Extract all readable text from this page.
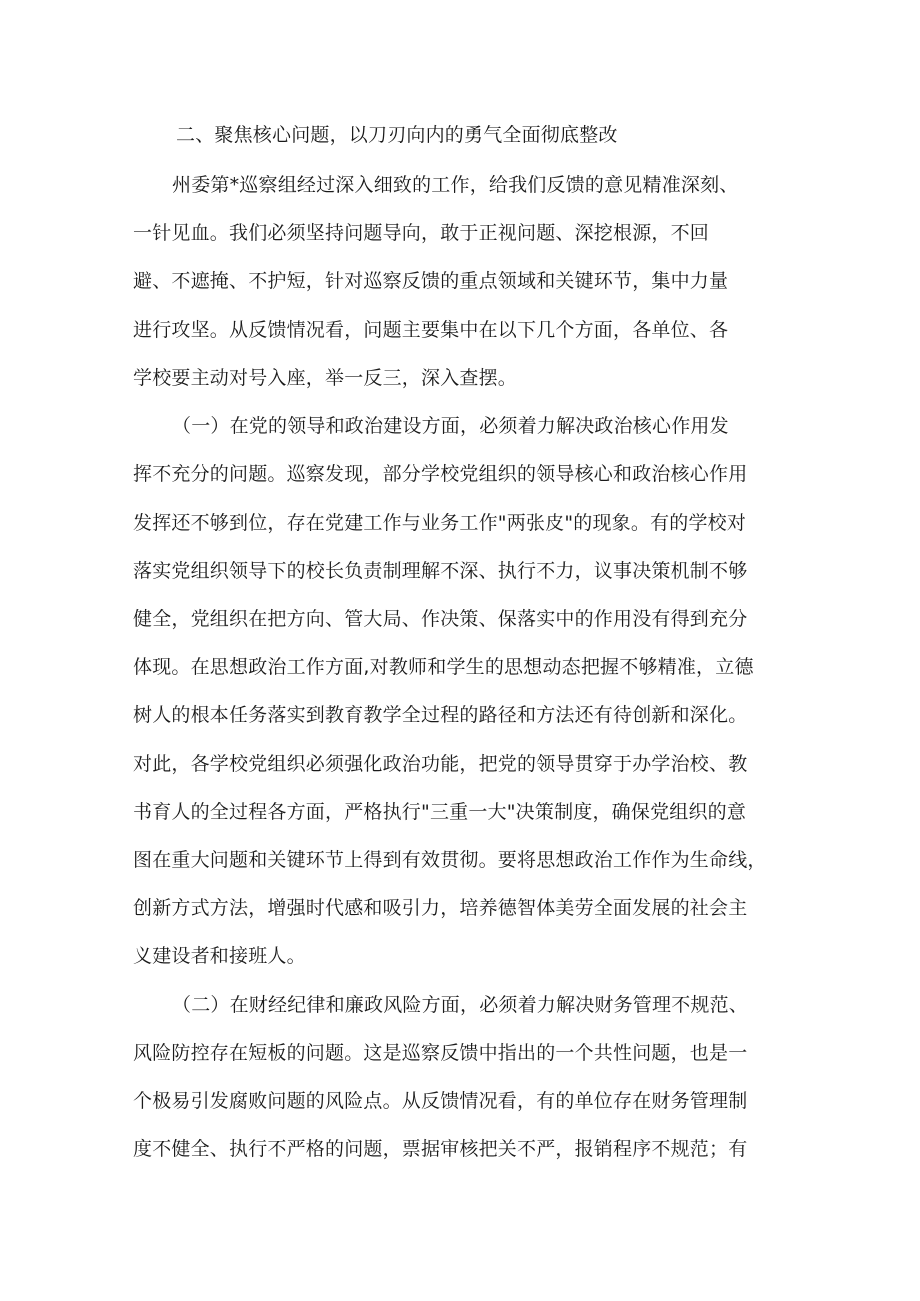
二、聚焦核心问题，以刀刃向内的勇气全面彻底整改
州委第*巡察组经过深入细致的工作，给我们反馈的意见精准深刻、
一针见血。我们必须坚持问题导向，敢于正视问题、深挖根源，不回
避、不遮掩、不护短，针对巡察反馈的重点领域和关键环节，集中力量
进行攻坚。从反馈情况看，问题主要集中在以下几个方面，各单位、各
学校要主动对号入座，举一反三，深入查摆。
（一）在党的领导和政治建设方面，必须着力解决政治核心作用发
挥不充分的问题。巡察发现，部分学校党组织的领导核心和政治核心作用
发挥还不够到位，存在党建工作与业务工作"两张皮"的现象。有的学校对
落实党组织领导下的校长负责制理解不深、执行不力，议事决策机制不够
健全，党组织在把方向、管大局、作决策、保落实中的作用没有得到充分
体现。在思想政治工作方面,对教师和学生的思想动态把握不够精准，立德
树人的根本任务落实到教育教学全过程的路径和方法还有待创新和深化。
对此，各学校党组织必须强化政治功能，把党的领导贯穿于办学治校、教
书育人的全过程各方面，严格执行"三重一大"决策制度，确保党组织的意
图在重大问题和关键环节上得到有效贯彻。要将思想政治工作作为生命线，
创新方式方法，增强时代感和吸引力，培养德智体美劳全面发展的社会主
义建设者和接班人。
（二）在财经纪律和廉政风险方面，必须着力解决财务管理不规范、
风险防控存在短板的问题。这是巡察反馈中指出的一个共性问题，也是一
个极易引发腐败问题的风险点。从反馈情况看，有的单位存在财务管理制
度不健全、执行不严格的问题，票据审核把关不严，报销程序不规范；有
